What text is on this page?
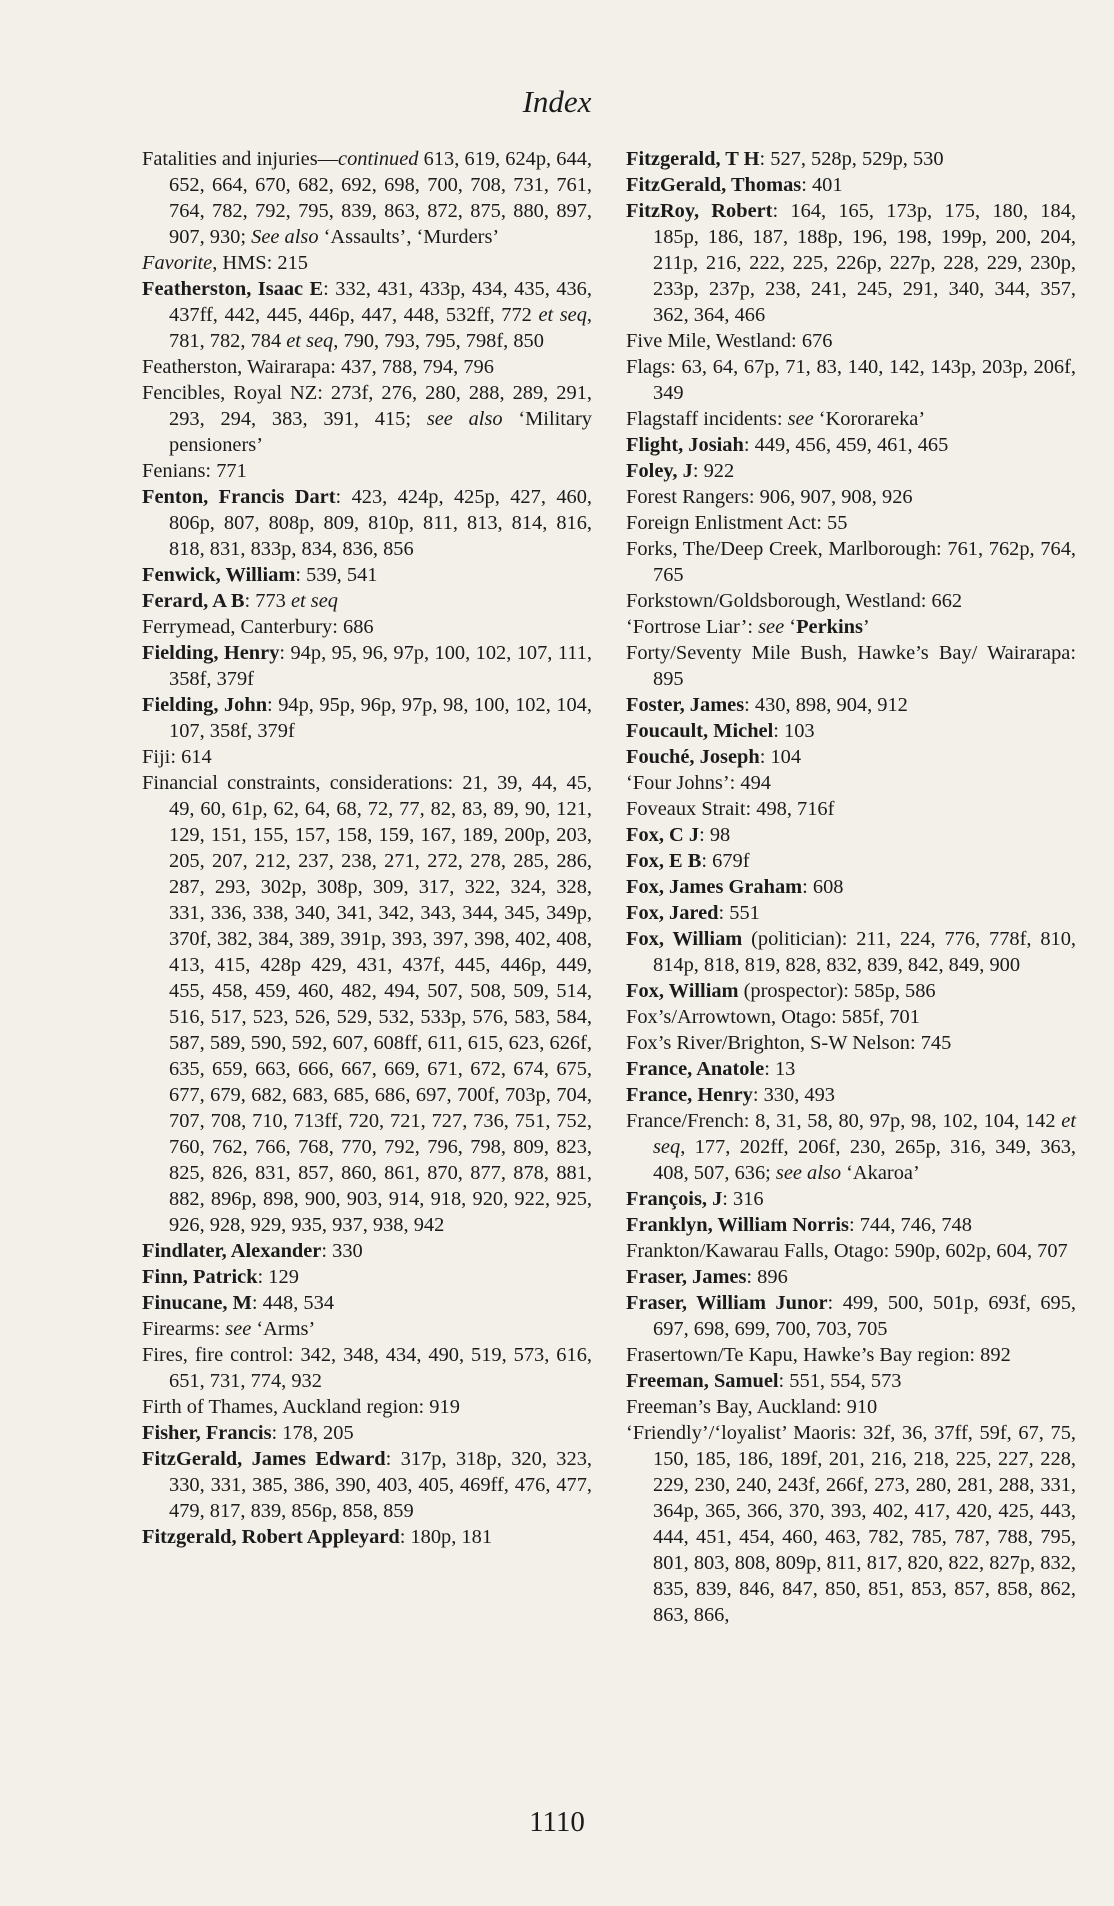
Index
Fatalities and injuries—continued 613, 619, 624p, 644, 652, 664, 670, 682, 692, 698, 700, 708, 731, 761, 764, 782, 792, 795, 839, 863, 872, 875, 880, 897, 907, 930; See also ‘Assaults’, ‘Murders’
Favorite, HMS: 215
Featherston, Isaac E: 332, 431, 433p, 434, 435, 436, 437ff, 442, 445, 446p, 447, 448, 532ff, 772 et seq, 781, 782, 784 et seq, 790, 793, 795, 798f, 850
Featherston, Wairarapa: 437, 788, 794, 796
Fencibles, Royal NZ: 273f, 276, 280, 288, 289, 291, 293, 294, 383, 391, 415; see also ‘Military pensioners’
Fenians: 771
Fenton, Francis Dart: 423, 424p, 425p, 427, 460, 806p, 807, 808p, 809, 810p, 811, 813, 814, 816, 818, 831, 833p, 834, 836, 856
Fenwick, William: 539, 541
Ferard, A B: 773 et seq
Ferrymead, Canterbury: 686
Fielding, Henry: 94p, 95, 96, 97p, 100, 102, 107, 111, 358f, 379f
Fielding, John: 94p, 95p, 96p, 97p, 98, 100, 102, 104, 107, 358f, 379f
Fiji: 614
Financial constraints, considerations: 21, 39, 44, 45, 49, 60, 61p, 62, 64, 68, 72, 77, 82, 83, 89, 90, 121, 129, 151, 155, 157, 158, 159, 167, 189, 200p, 203, 205, 207, 212, 237, 238, 271, 272, 278, 285, 286, 287, 293, 302p, 308p, 309, 317, 322, 324, 328, 331, 336, 338, 340, 341, 342, 343, 344, 345, 349p, 370f, 382, 384, 389, 391p, 393, 397, 398, 402, 408, 413, 415, 428p 429, 431, 437f, 445, 446p, 449, 455, 458, 459, 460, 482, 494, 507, 508, 509, 514, 516, 517, 523, 526, 529, 532, 533p, 576, 583, 584, 587, 589, 590, 592, 607, 608ff, 611, 615, 623, 626f, 635, 659, 663, 666, 667, 669, 671, 672, 674, 675, 677, 679, 682, 683, 685, 686, 697, 700f, 703p, 704, 707, 708, 710, 713ff, 720, 721, 727, 736, 751, 752, 760, 762, 766, 768, 770, 792, 796, 798, 809, 823, 825, 826, 831, 857, 860, 861, 870, 877, 878, 881, 882, 896p, 898, 900, 903, 914, 918, 920, 922, 925, 926, 928, 929, 935, 937, 938, 942
Findlater, Alexander: 330
Finn, Patrick: 129
Finucane, M: 448, 534
Firearms: see ‘Arms’
Fires, fire control: 342, 348, 434, 490, 519, 573, 616, 651, 731, 774, 932
Firth of Thames, Auckland region: 919
Fisher, Francis: 178, 205
FitzGerald, James Edward: 317p, 318p, 320, 323, 330, 331, 385, 386, 390, 403, 405, 469ff, 476, 477, 479, 817, 839, 856p, 858, 859
Fitzgerald, Robert Appleyard: 180p, 181
Fitzgerald, T H: 527, 528p, 529p, 530
FitzGerald, Thomas: 401
FitzRoy, Robert: 164, 165, 173p, 175, 180, 184, 185p, 186, 187, 188p, 196, 198, 199p, 200, 204, 211p, 216, 222, 225, 226p, 227p, 228, 229, 230p, 233p, 237p, 238, 241, 245, 291, 340, 344, 357, 362, 364, 466
Five Mile, Westland: 676
Flags: 63, 64, 67p, 71, 83, 140, 142, 143p, 203p, 206f, 349
Flagstaff incidents: see ‘Kororareka’
Flight, Josiah: 449, 456, 459, 461, 465
Foley, J: 922
Forest Rangers: 906, 907, 908, 926
Foreign Enlistment Act: 55
Forks, The/Deep Creek, Marlborough: 761, 762p, 764, 765
Forkstown/Goldsborough, Westland: 662
‘Fortrose Liar’: see ‘Perkins’
Forty/Seventy Mile Bush, Hawke’s Bay/ Wairarapa: 895
Foster, James: 430, 898, 904, 912
Foucault, Michel: 103
Fouché, Joseph: 104
‘Four Johns’: 494
Foveaux Strait: 498, 716f
Fox, C J: 98
Fox, E B: 679f
Fox, James Graham: 608
Fox, Jared: 551
Fox, William (politician): 211, 224, 776, 778f, 810, 814p, 818, 819, 828, 832, 839, 842, 849, 900
Fox, William (prospector): 585p, 586
Fox’s/Arrowtown, Otago: 585f, 701
Fox’s River/Brighton, S-W Nelson: 745
France, Anatole: 13
France, Henry: 330, 493
France/French: 8, 31, 58, 80, 97p, 98, 102, 104, 142 et seq, 177, 202ff, 206f, 230, 265p, 316, 349, 363, 408, 507, 636; see also ‘Akaroa’
François, J: 316
Franklyn, William Norris: 744, 746, 748
Frankton/Kawarau Falls, Otago: 590p, 602p, 604, 707
Fraser, James: 896
Fraser, William Junor: 499, 500, 501p, 693f, 695, 697, 698, 699, 700, 703, 705
Frasertown/Te Kapu, Hawke’s Bay region: 892
Freeman, Samuel: 551, 554, 573
Freeman’s Bay, Auckland: 910
‘Friendly’/‘loyalist’ Maoris: 32f, 36, 37ff, 59f, 67, 75, 150, 185, 186, 189f, 201, 216, 218, 225, 227, 228, 229, 230, 240, 243f, 266f, 273, 280, 281, 288, 331, 364p, 365, 366, 370, 393, 402, 417, 420, 425, 443, 444, 451, 454, 460, 463, 782, 785, 787, 788, 795, 801, 803, 808, 809p, 811, 817, 820, 822, 827p, 832, 835, 839, 846, 847, 850, 851, 853, 857, 858, 862, 863, 866,
1110
